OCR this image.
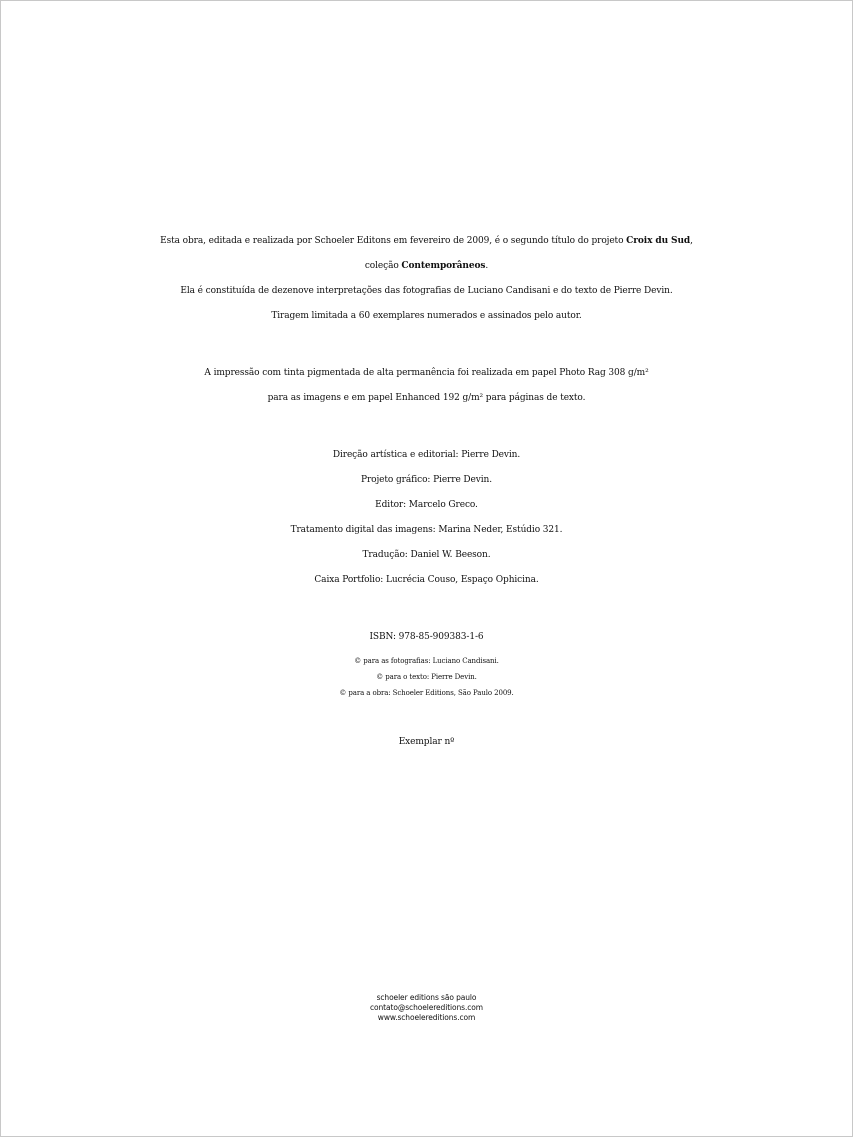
Esta obra, editada e realizada por Schoeler Editons em fevereiro de 2009, é o segundo título do projeto Croix du Sud,
coleção Contemporâneos.
Ela é constituída de dezenove interpretações das fotografias de Luciano Candisani e do texto de Pierre Devin.
Tiragem limitada a 60 exemplares numerados e assinados pelo autor.
A impressão com tinta pigmentada de alta permanência foi realizada em papel Photo Rag 308 g/m²
para as imagens e em papel Enhanced 192 g/m² para páginas de texto.
Direção artística e editorial: Pierre Devin.
Projeto gráfico: Pierre Devin.
Editor: Marcelo Greco.
Tratamento digital das imagens: Marina Neder, Estúdio 321.
Tradução: Daniel W. Beeson.
Caixa Portfolio: Lucrécia Couso, Espaço Ophicina.
ISBN: 978-85-909383-1-6
© para as fotografias: Luciano Candisani.
© para o texto: Pierre Devin.
© para a obra: Schoeler Editions, São Paulo 2009.
Exemplar nº
schoeler editions são paulo
contato@schoelereditions.com
www.schoelereditions.com
